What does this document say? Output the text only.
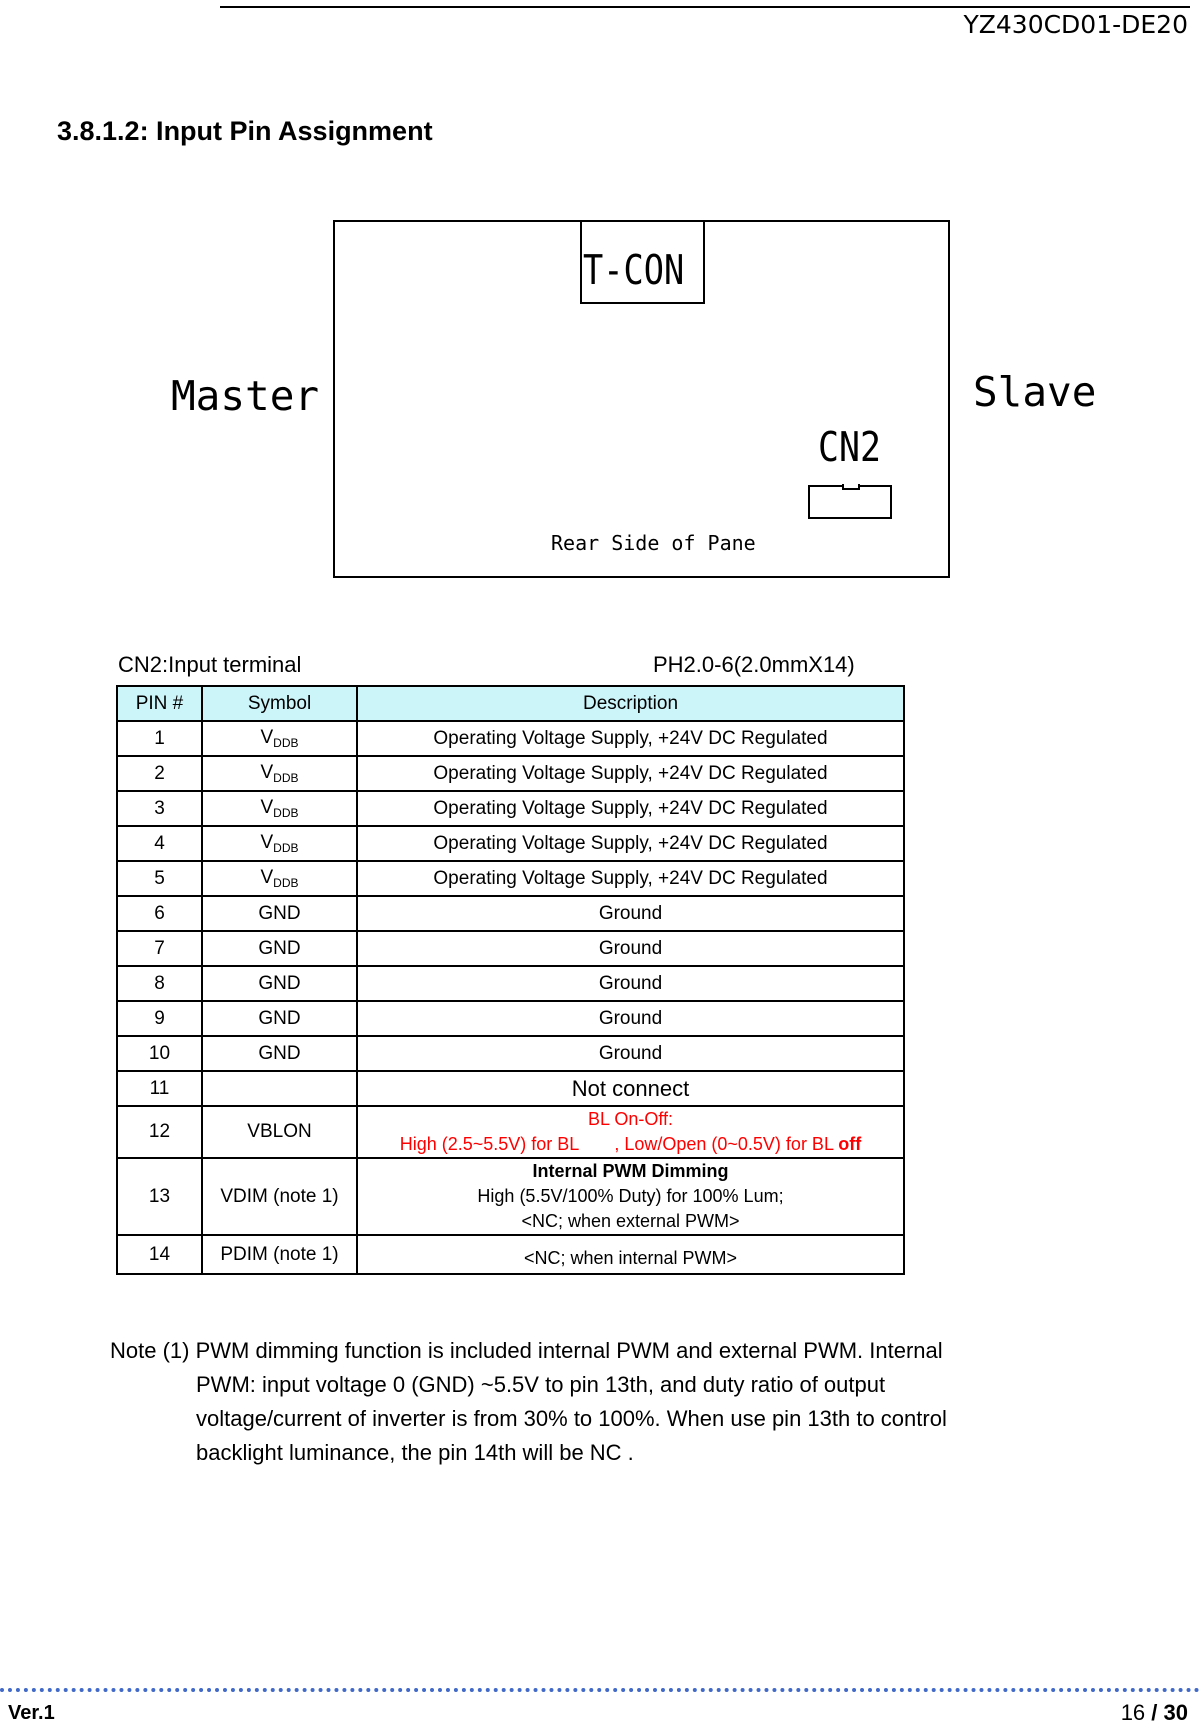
YZ430CD01-DE20
3.8.1.2: Input Pin Assignment
T-CON
Master	Slave
CN2
Rear Side of Pane
CN2:Input terminal	PH2.0-6(2.0mmX14)
PIN #	Symbol	Description
1	$V_{DDB}$	Operating Voltage Supply, +24V DC Regulated
2	$V_{DDB}$	Operating Voltage Supply, +24V DC Regulated
3	$V_{DDB}$	Operating Voltage Supply, +24V DC Regulated
4	$V_{DDB}$	Operating Voltage Supply, +24V DC Regulated
5	$V_{DDB}$	Operating Voltage Supply, +24V DC Regulated
6	GND	Ground
7	GND	Ground
8	GND	Ground
9	GND	Ground
10	GND	Ground
11		Not connect
12	VBLON	BL On-Off:
High (2.5~5.5V) for BL , Low/Open (0~0.5V) for BL off

13	VDIM (note 1)	Internal PWM Dimming
High (5.5V/100% Duty) for 100% Lum;
<NC; when external PWM>

14	PDIM (note 1)	<NC; when internal PWM>
Note (1) PWM dimming function is included internal PWM and external PWM. Internal
PWM: input voltage 0 (GND) ~5.5V to pin 13th, and duty ratio of output voltage/current of inverter is from 30% to 100%. When use pin 13th to control backlight luminance, the pin 14th will be NC .
Ver.1	16 / 30
